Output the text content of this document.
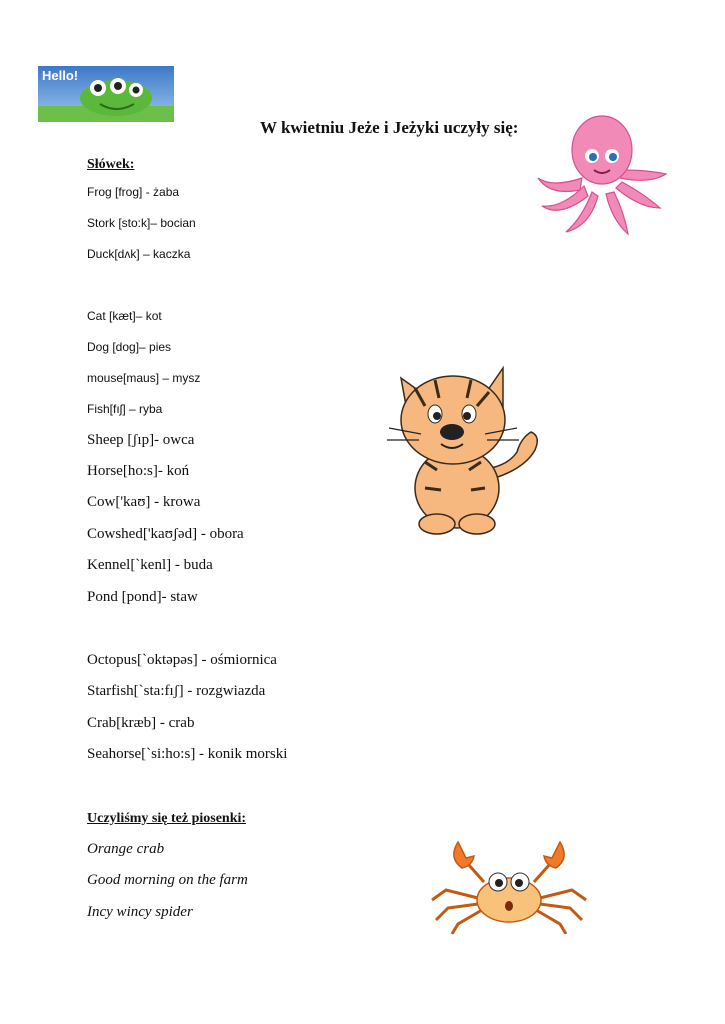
Hello!
W kwietniu Jeże i Jeżyki uczyły się:
Słówek:
Frog [frog] - żaba
Stork [sto:k]– bocian
Duck[dʌk] – kaczka
Cat [kæt]– kot
Dog [dog]– pies
mouse[maus] – mysz
Fish[fıʃ] – ryba
Sheep [ʃıp]- owca
Horse[ho:s]- koń
Cow['kaʊ] - krowa
Cowshed['kaʊʃəd] - obora
Kennel[`kenl] - buda
Pond [pond]- staw
Octopus[`oktəpəs] - ośmiornica
Starfish[`sta:fıʃ] - rozgwiazda
Crab[kræb] - crab
Seahorse[`si:ho:s] - konik morski
Uczyliśmy się też piosenki:
Orange crab
Good morning on the farm
Incy wincy spider
